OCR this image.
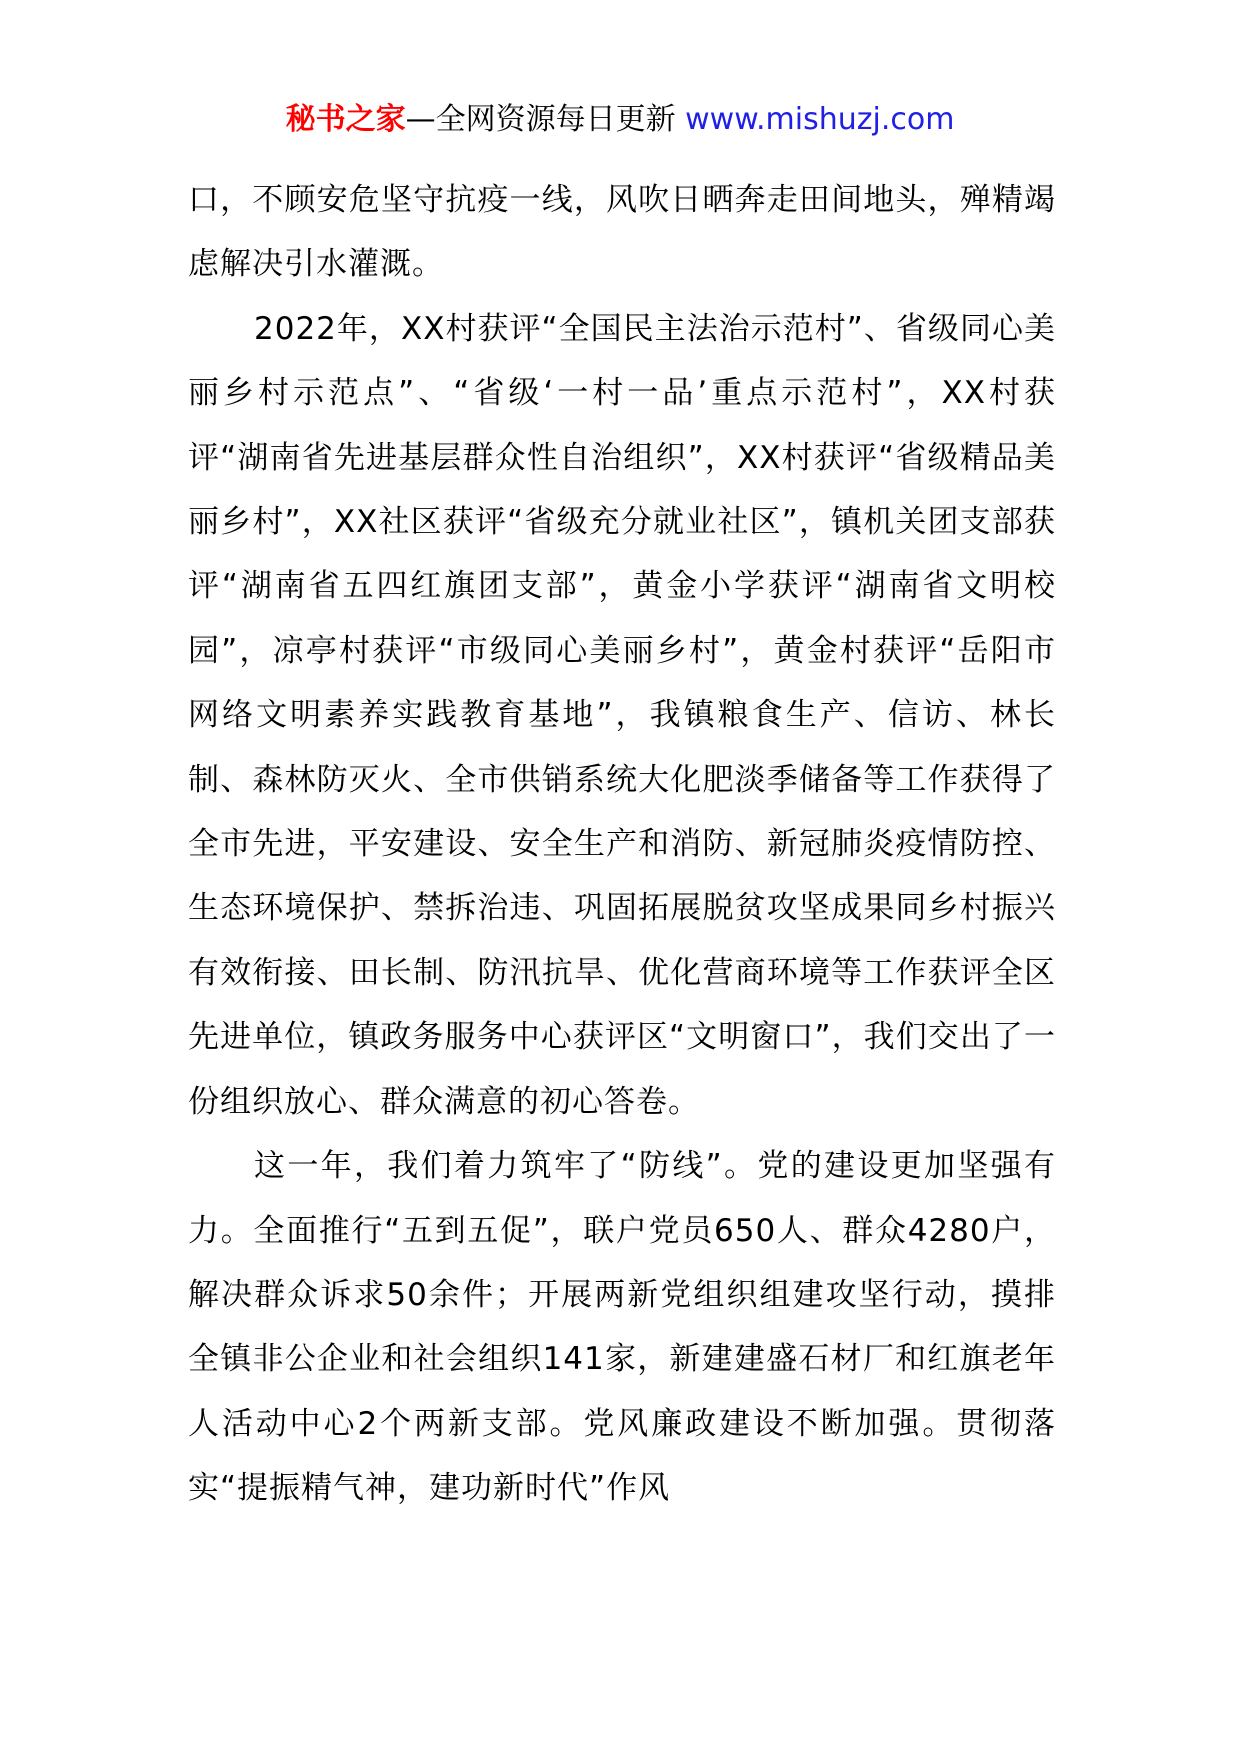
秘书之家—全网资源每日更新 www.mishuzj.com

口，不顾安危坚守抗疫一线，风吹日晒奔走田间地头，殚精竭虑解决引水灌溉。

2022年，XX村获评“全国民主法治示范村”、省级同心美丽乡村示范点”、“省级‘一村一品’重点示范村”，XX村获评“湖南省先进基层群众性自治组织”，XX村获评“省级精品美丽乡村”，XX社区获评“省级充分就业社区”，镇机关团支部获评“湖南省五四红旗团支部”，黄金小学获评“湖南省文明校园”，凉亭村获评“市级同心美丽乡村”，黄金村获评“岳阳市网络文明素养实践教育基地”，我镇粮食生产、信访、林长制、森林防灭火、全市供销系统大化肥淡季储备等工作获得了全市先进，平安建设、安全生产和消防、新冠肺炎疫情防控、生态环境保护、禁拆治违、巩固拓展脱贫攻坚成果同乡村振兴有效衔接、田长制、防汛抗旱、优化营商环境等工作获评全区先进单位，镇政务服务中心获评区“文明窗口”，我们交出了一份组织放心、群众满意的初心答卷。

这一年，我们着力筑牢了“防线”。党的建设更加坚强有力。全面推行“五到五促”，联户党员650人、群众4280户，解决群众诉求50余件；开展两新党组织组建攻坚行动，摸排全镇非公企业和社会组织141家，新建建盛石材厂和红旗老年人活动中心2个两新支部。党风廉政建设不断加强。贯彻落实“提振精气神，建功新时代”作风
